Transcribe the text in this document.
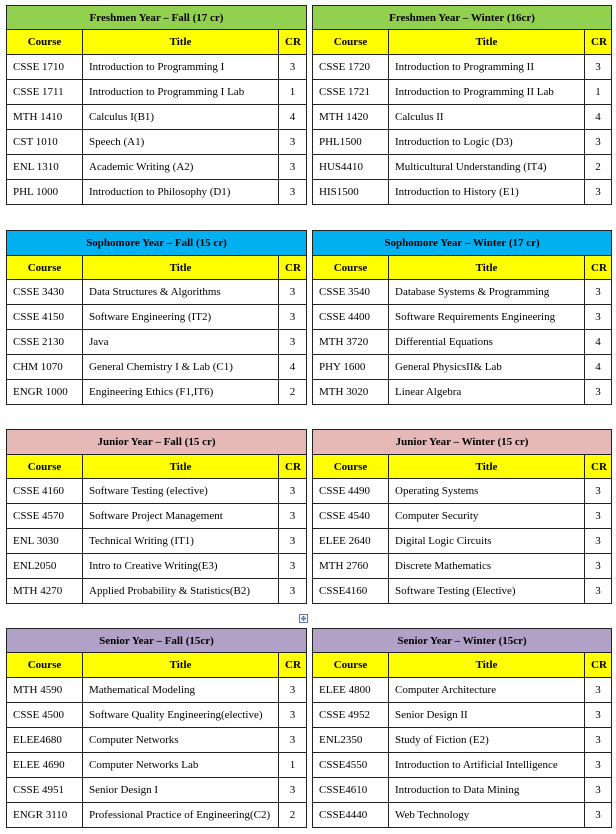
Freshmen Year – Fall (17 cr)		
Course	Title	CR
CSSE 1710	Introduction to Programming I	3
CSSE 1711	Introduction to Programming I Lab	1
MTH 1410	Calculus I(B1)	4
CST 1010	Speech (A1)	3
ENL 1310	Academic Writing (A2)	3
PHL 1000	Introduction to Philosophy (D1)	3
Freshmen Year – Winter (16cr)		
Course	Title	CR
CSSE 1720	Introduction to Programming II	3
CSSE 1721	Introduction to Programming II Lab	1
MTH 1420	Calculus II	4
PHL1500	Introduction to Logic (D3)	3
HUS4410	Multicultural Understanding (IT4)	2
HIS1500	Introduction to History (E1)	3
Sophomore Year – Fall (15 cr)		
Course	Title	CR
CSSE 3430	Data Structures & Algorithms	3
CSSE 4150	Software Engineering (IT2)	3
CSSE 2130	Java	3
CHM 1070	General Chemistry I & Lab (C1)	4
ENGR 1000	Engineering Ethics (F1,IT6)	2
Sophomore Year – Winter (17 cr)		
Course	Title	CR
CSSE 3540	Database Systems & Programming	3
CSSE 4400	Software Requirements Engineering	3
MTH 3720	Differential Equations	4
PHY 1600	General PhysicsII& Lab	4
MTH 3020	Linear Algebra	3
Junior Year – Fall (15 cr)		
Course	Title	CR
CSSE 4160	Software Testing (elective)	3
CSSE 4570	Software Project Management	3
ENL 3030	Technical Writing (IT1)	3
ENL2050	Intro to Creative Writing(E3)	3
MTH 4270	Applied Probability & Statistics(B2)	3
Junior Year – Winter (15 cr)		
Course	Title	CR
CSSE 4490	Operating Systems	3
CSSE 4540	Computer Security	3
ELEE 2640	Digital Logic Circuits	3
MTH 2760	Discrete Mathematics	3
CSSE4160	Software Testing (Elective)	3
Senior Year – Fall (15cr)		
Course	Title	CR
MTH 4590	Mathematical Modeling	3
CSSE 4500	Software Quality Engineering(elective)	3
ELEE4680	Computer Networks	3
ELEE 4690	Computer Networks Lab	1
CSSE 4951	Senior Design I	3
ENGR 3110	Professional Practice of Engineering(C2)	2
Senior Year – Winter (15cr)		
Course	Title	CR
ELEE 4800	Computer Architecture	3
CSSE 4952	Senior Design II	3
ENL2350	Study of Fiction (E2)	3
CSSE4550	Introduction to Artificial Intelligence	3
CSSE4610	Introduction to Data Mining	3
CSSE4440	Web Technology	3
✥
